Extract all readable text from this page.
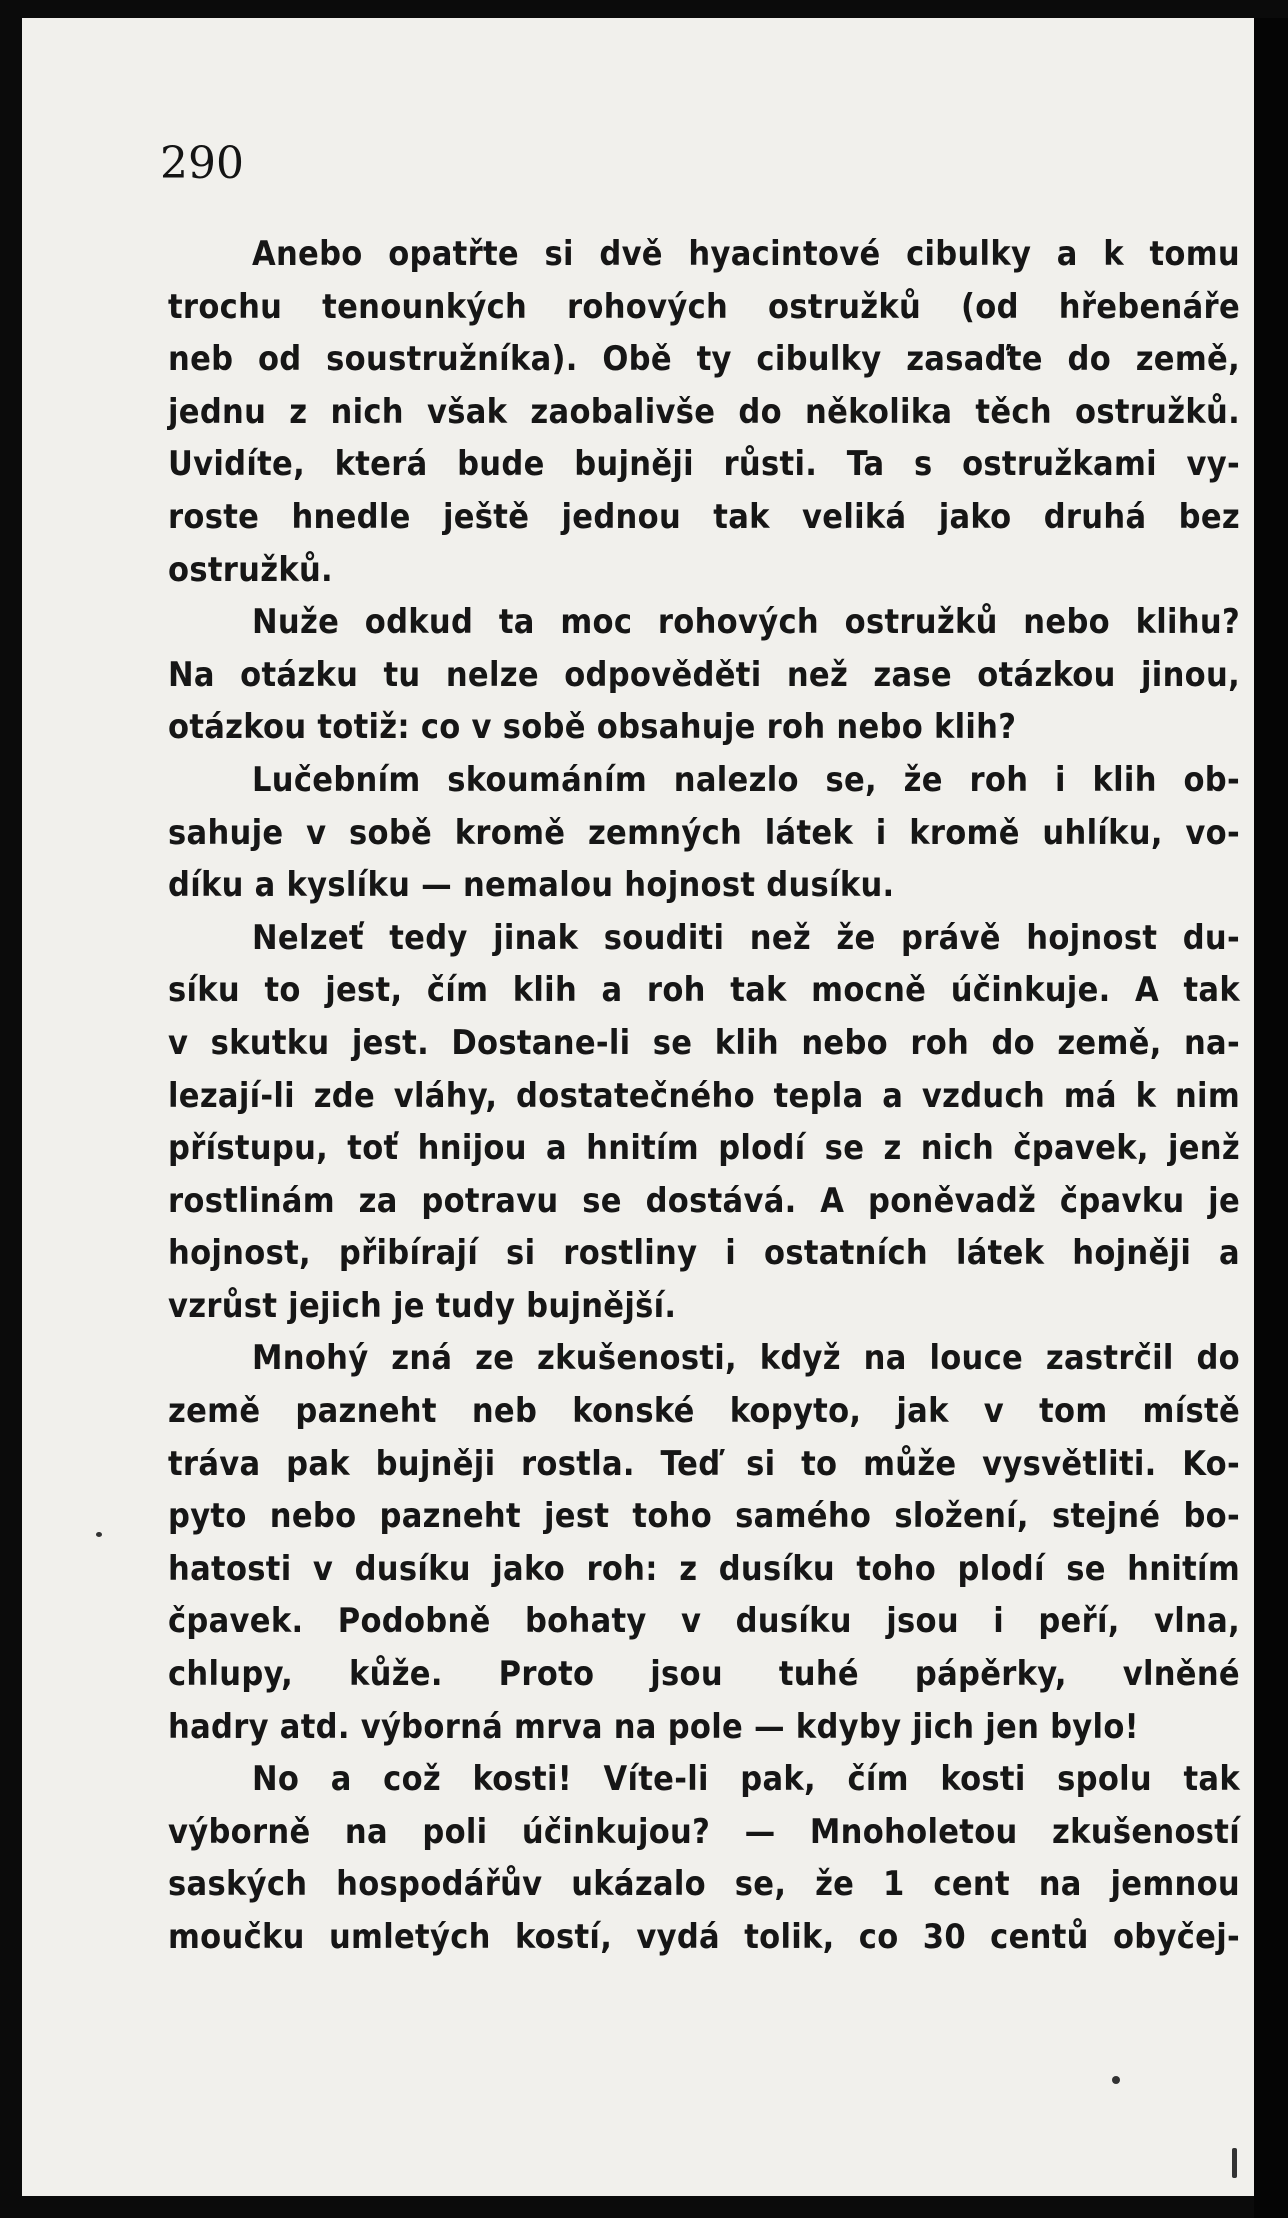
290
Anebo opatřte si dvě hyacintové cibulky a k tomu
trochu tenounkých rohových ostružků (od hřebenáře
neb od soustružníka). Obě ty cibulky zasaďte do země,
jednu z nich však zaobalivše do několika těch ostružků.
Uvidíte, která bude bujněji růsti. Ta s ostružkami vy-
roste hnedle ještě jednou tak veliká jako druhá bez
ostružků.
Nuže odkud ta moc rohových ostružků nebo klihu?
Na otázku tu nelze odpověděti než zase otázkou jinou,
otázkou totiž: co v sobě obsahuje roh nebo klih?
Lučebním skoumáním nalezlo se, že roh i klih ob-
sahuje v sobě kromě zemných látek i kromě uhlíku, vo-
díku a kyslíku — nemalou hojnost dusíku.
Nelzeť tedy jinak souditi než že právě hojnost du-
síku to jest, čím klih a roh tak mocně účinkuje. A tak
v skutku jest. Dostane-li se klih nebo roh do země, na-
lezají-li zde vláhy, dostatečného tepla a vzduch má k nim
přístupu, toť hnijou a hnitím plodí se z nich čpavek, jenž
rostlinám za potravu se dostává. A poněvadž čpavku je
hojnost, přibírají si rostliny i ostatních látek hojněji a
vzrůst jejich je tudy bujnější.
Mnohý zná ze zkušenosti, když na louce zastrčil do
země pazneht neb konské kopyto, jak v tom místě
tráva pak bujněji rostla. Teď si to může vysvětliti. Ko-
pyto nebo pazneht jest toho samého složení, stejné bo-
hatosti v dusíku jako roh: z dusíku toho plodí se hnitím
čpavek. Podobně bohaty v dusíku jsou i peří, vlna,
chlupy, kůže. Proto jsou tuhé pápěrky, vlněné
hadry atd. výborná mrva na pole — kdyby jich jen bylo!
No a což kosti! Víte-li pak, čím kosti spolu tak
výborně na poli účinkujou? — Mnoholetou zkušeností
saských hospodářův ukázalo se, že 1 cent na jemnou
moučku umletých kostí, vydá tolik, co 30 centů obyčej-
